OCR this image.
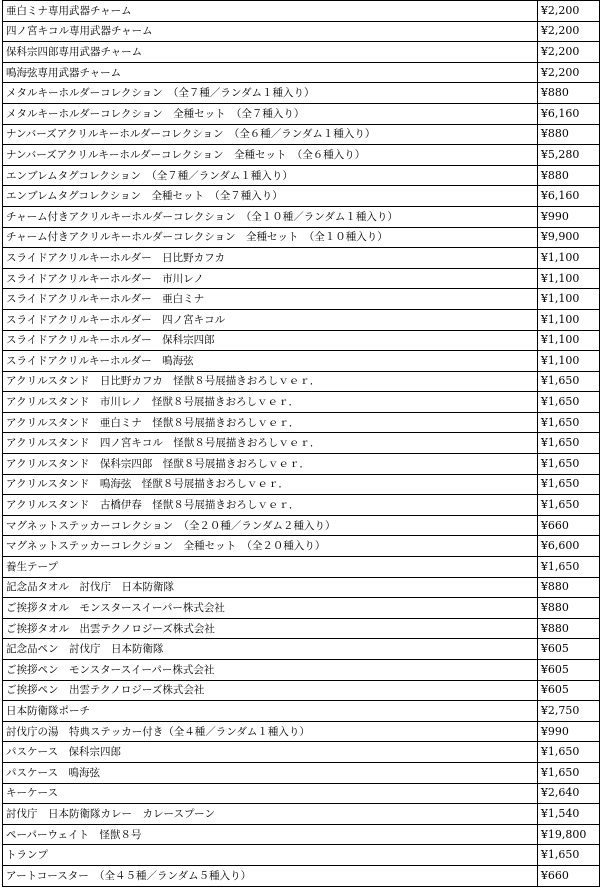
亜白ミナ専用武器チャーム	¥2,200
四ノ宮キコル専用武器チャーム	¥2,200
保科宗四郎専用武器チャーム	¥2,200
鳴海弦専用武器チャーム	¥2,200
メタルキーホルダーコレクション　（全７種／ランダム１種入り）	¥880
メタルキーホルダーコレクション　全種セット　（全７種入り）	¥6,160
ナンバーズアクリルキーホルダーコレクション　（全６種／ランダム１種入り）	¥880
ナンバーズアクリルキーホルダーコレクション　全種セット　（全６種入り）	¥5,280
エンブレムタグコレクション　（全７種／ランダム１種入り）	¥880
エンブレムタグコレクション　全種セット　（全７種入り）	¥6,160
チャーム付きアクリルキーホルダーコレクション　（全１０種／ランダム１種入り）	¥990
チャーム付きアクリルキーホルダーコレクション　全種セット　（全１０種入り）	¥9,900
スライドアクリルキーホルダー　日比野カフカ	¥1,100
スライドアクリルキーホルダー　市川レノ	¥1,100
スライドアクリルキーホルダー　亜白ミナ	¥1,100
スライドアクリルキーホルダー　四ノ宮キコル	¥1,100
スライドアクリルキーホルダー　保科宗四郎	¥1,100
スライドアクリルキーホルダー　鳴海弦	¥1,100
アクリルスタンド　日比野カフカ　怪獣８号展描きおろしｖｅｒ．	¥1,650
アクリルスタンド　市川レノ　怪獣８号展描きおろしｖｅｒ．	¥1,650
アクリルスタンド　亜白ミナ　怪獣８号展描きおろしｖｅｒ．	¥1,650
アクリルスタンド　四ノ宮キコル　怪獣８号展描きおろしｖｅｒ．	¥1,650
アクリルスタンド　保科宗四郎　怪獣８号展描きおろしｖｅｒ．	¥1,650
アクリルスタンド　鳴海弦　怪獣８号展描きおろしｖｅｒ．	¥1,650
アクリルスタンド　古橋伊春　怪獣８号展描きおろしｖｅｒ．	¥1,650
マグネットステッカーコレクション　（全２０種／ランダム２種入り）	¥660
マグネットステッカーコレクション　全種セット　（全２０種入り）	¥6,600
養生テープ	¥1,650
記念品タオル　討伐庁　日本防衛隊	¥880
ご挨拶タオル　モンスタースイーパー株式会社	¥880
ご挨拶タオル　出雲テクノロジーズ株式会社	¥880
記念品ペン　討伐庁　日本防衛隊	¥605
ご挨拶ペン　モンスタースイーパー株式会社	¥605
ご挨拶ペン　出雲テクノロジーズ株式会社	¥605
日本防衛隊ポーチ	¥2,750
討伐庁の湯　特典ステッカー付き（全４種／ランダム１種入り）	¥990
パスケース　保科宗四郎	¥1,650
パスケース　鳴海弦	¥1,650
キーケース	¥2,640
討伐庁　日本防衛隊カレー　カレースプーン	¥1,540
ペーパーウェイト　怪獣８号	¥19,800
トランプ	¥1,650
アートコースター　（全４５種／ランダム５種入り）	¥660
